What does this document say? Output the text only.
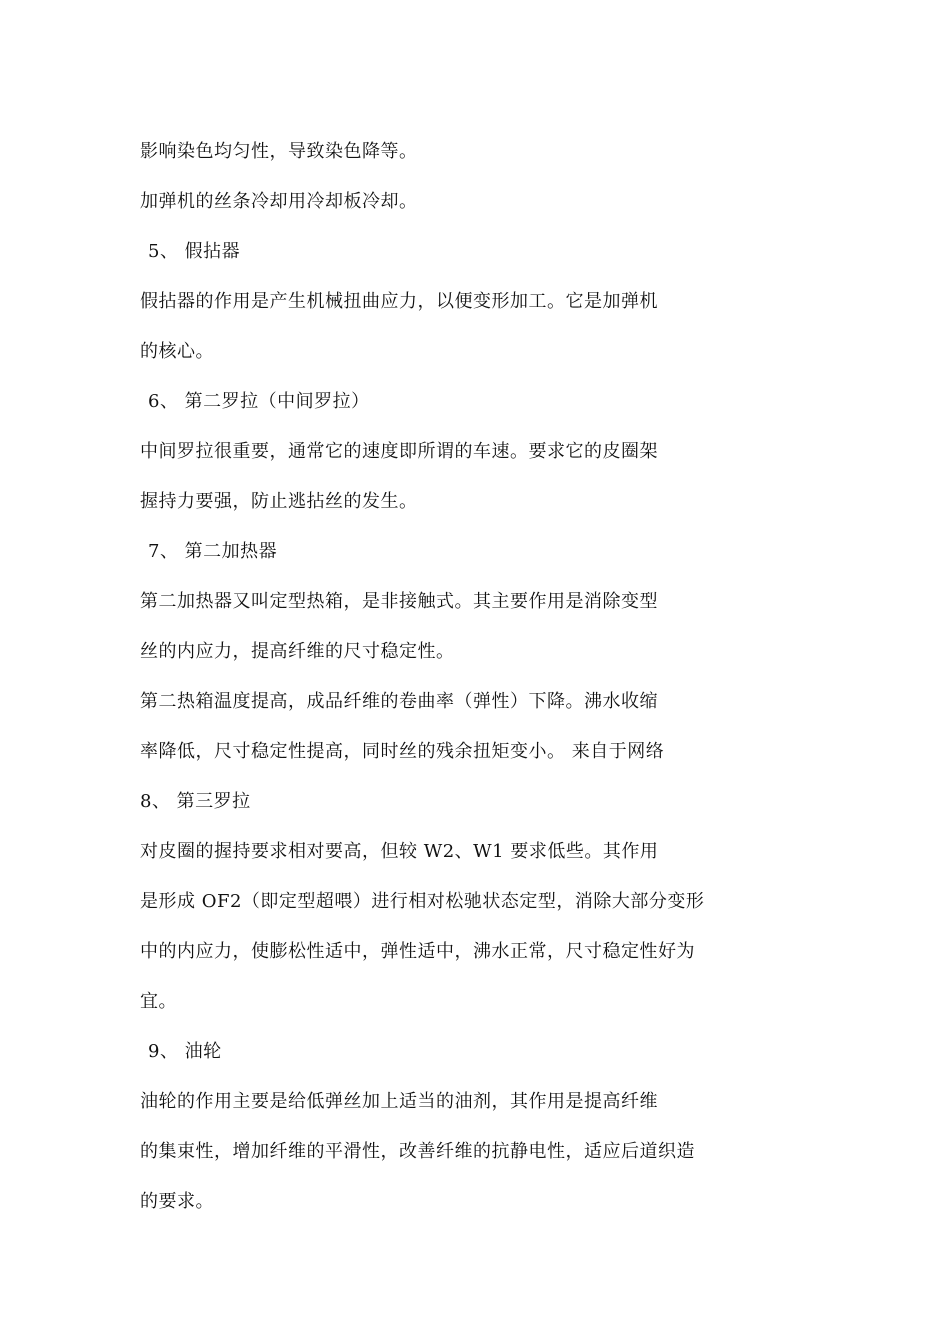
影响染色均匀性，导致染色降等。
加弹机的丝条冷却用冷却板冷却。
5、 假拈器
假拈器的作用是产生机械扭曲应力，以便变形加工。它是加弹机
的核心。
6、 第二罗拉（中间罗拉）
中间罗拉很重要，通常它的速度即所谓的车速。要求它的皮圈架
握持力要强，防止逃拈丝的发生。
7、 第二加热器
第二加热器又叫定型热箱，是非接触式。其主要作用是消除变型
丝的内应力，提高纤维的尺寸稳定性。
第二热箱温度提高，成品纤维的卷曲率（弹性）下降。沸水收缩
率降低，尺寸稳定性提高，同时丝的残余扭矩变小。 来自于网络
8、 第三罗拉
对皮圈的握持要求相对要高，但较 W2、W1 要求低些。其作用
是形成 OF2（即定型超喂）进行相对松驰状态定型，消除大部分变形
中的内应力，使膨松性适中，弹性适中，沸水正常，尺寸稳定性好为
宜。
9、 油轮
油轮的作用主要是给低弹丝加上适当的油剂，其作用是提高纤维
的集束性，增加纤维的平滑性，改善纤维的抗静电性，适应后道织造
的要求。
